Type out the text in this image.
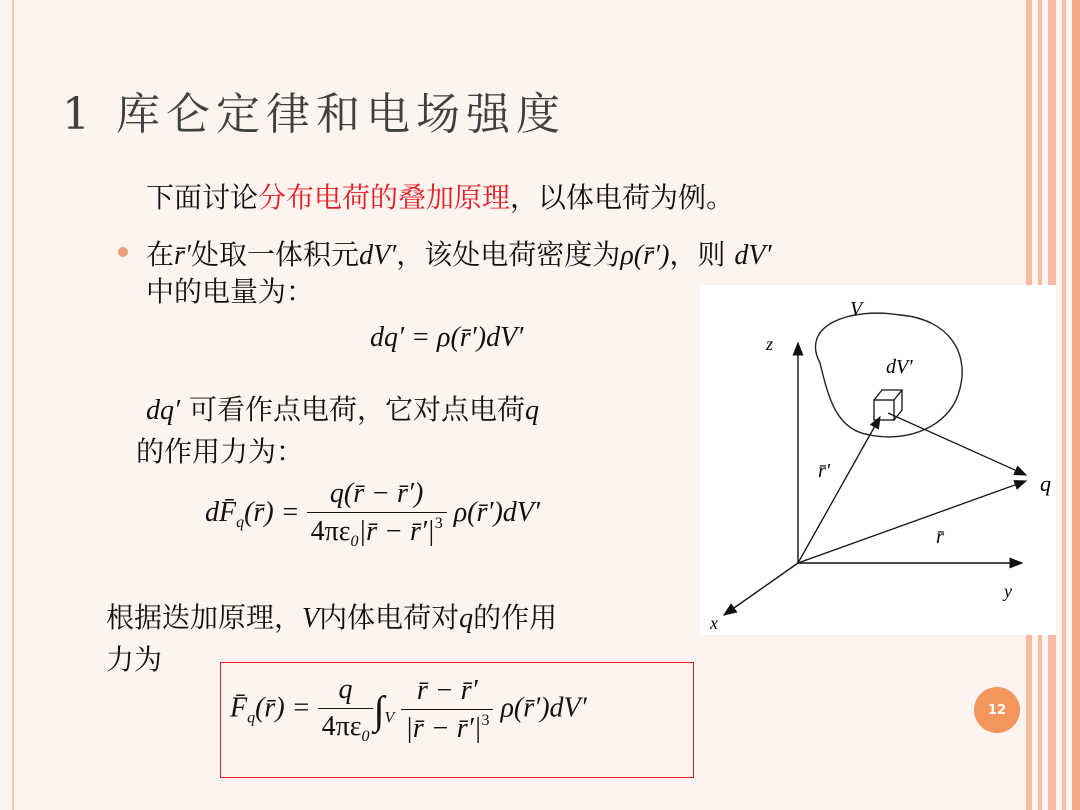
1 库仑定律和电场强度
下面讨论分布电荷的叠加原理，以体电荷为例。
在r̄′处取一体积元dV′，该处电荷密度为ρ(r̄′)，则 dV′
中的电量为：
dq′ = ρ(r̄′)dV′
dq′ 可看作点电荷，它对点电荷q
的作用力为：
$dF̄_q(r̄) = \frac{q(r̄ - r̄')}{4\pi\varepsilon_0|r̄ - r̄'|^3}$ ρ(r̄′)dV′
根据迭加原理，V内体电荷对q的作用
力为
$F̄_q(r̄) = \frac{q}{4\pi\varepsilon_0} \int_V \frac{r̄ - r̄'}{|r̄ - r̄'|^3}$ ρ(r̄′)dV′
V
z
dV′
r̄′	q
r̄
y
x
12
